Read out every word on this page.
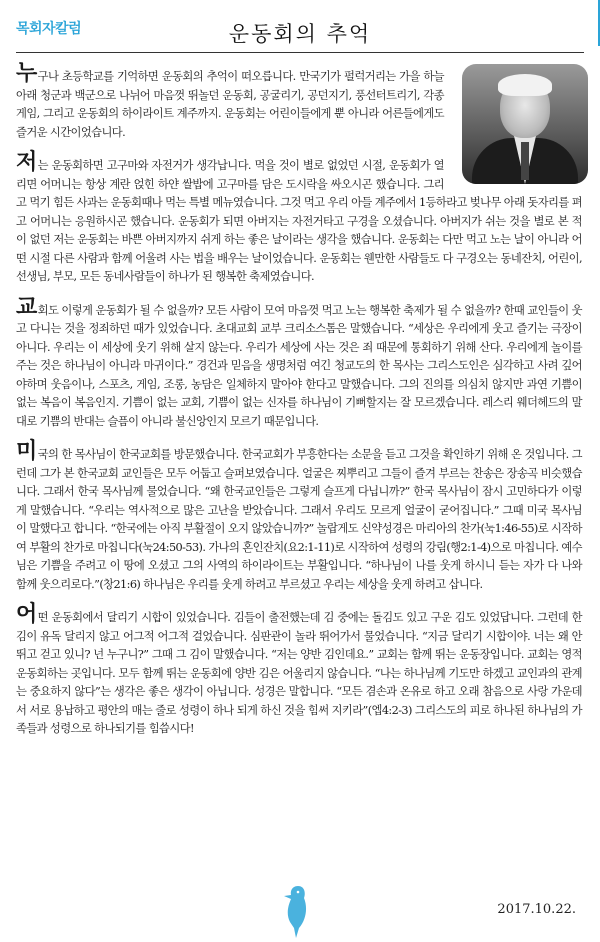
목회자칼럼	운동회의 추억

누구나 초등학교를 기억하면 운동회의 추억이 떠오릅니다. 만국기가 펄럭거리는 가을 하늘아래 청군과 백군으로 나뉘어 마음껏 뛰놀던 운동회, 공굴리기, 공던지기, 풍선터트리기, 각종 게임, 그리고 운동회의 하이라이트 계주까지. 운동회는 어린이들에게 뿐 아니라 어른들에게도 즐거운 시간이었습니다.

저는 운동회하면 고구마와 자전거가 생각납니다. 먹을 것이 별로 없었던 시절, 운동회가 열리면 어머니는 항상 계란 얹힌 하얀 쌀밥에 고구마를 담은 도시락을 싸오시곤 했습니다. 그리고 먹기 힘든 사과는 운동회때나 먹는 특별 메뉴였습니다. 그것 먹고 우리 아들 계주에서 1등하라고 벚나무 아래 돗자리를 펴고 어머니는 응원하시곤 했습니다. 운동회가 되면 아버지는 자전거타고 구경을 오셨습니다. 아버지가 쉬는 것을 별로 본 적이 없던 저는 운동회는 바쁜 아버지까지 쉬게 하는 좋은 날이라는 생각을 했습니다. 운동회는 다만 먹고 노는 날이 아니라 어떤 시절 다른 사람과 함께 어울려 사는 법을 배우는 날이었습니다. 운동회는 웬만한 사람들도 다 구경오는 동네잔치, 어린이, 선생님, 부모, 모든 동네사람들이 하나가 된 행복한 축제였습니다.

교회도 이렇게 운동회가 될 수 없을까? 모든 사람이 모여 마음껏 먹고 노는 행복한 축제가 될 수 없을까? 한때 교인들이 웃고 다니는 것을 정죄하던 때가 있었습니다. 초대교회 교부 크리소스톰은 말했습니다. “세상은 우리에게 웃고 즐기는 극장이 아니다. 우리는 이 세상에 웃기 위해 살지 않는다. 우리가 세상에 사는 것은 죄 때문에 통회하기 위해 산다. 우리에게 놀이를 주는 것은 하나님이 아니라 마귀이다.” 경건과 믿음을 생명처럼 여긴 청교도의 한 목사는 그리스도인은 심각하고 사려 깊어야하며 웃음이나, 스포츠, 게임, 조롱, 농담은 일체하지 말아야 한다고 말했습니다. 그의 진의를 의심치 않지만 과연 기쁨이 없는 복음이 복음인지. 기쁨이 없는 교회, 기쁨이 없는 신자를 하나님이 기뻐할지는 잘 모르겠습니다. 레스리 웨더헤드의 말대로 기쁨의 반대는 슬픔이 아니라 불신앙인지 모르기 때문입니다.

미국의 한 목사님이 한국교회를 방문했습니다. 한국교회가 부흥한다는 소문을 듣고 그것을 확인하기 위해 온 것입니다. 그런데 그가 본 한국교회 교인들은 모두 어둡고 슬퍼보였습니다. 얼굴은 찌뿌리고 그들이 즐겨 부르는 찬송은 장송곡 비슷했습니다. 그래서 한국 목사님께 물었습니다. “왜 한국교인들은 그렇게 슬프게 다닙니까?” 한국 목사님이 잠시 고민하다가 이렇게 말했습니다. “우리는 역사적으로 많은 고난을 받았습니다. 그래서 우리도 모르게 얼굴이 굳어집니다.” 그때 미국 목사님이 말했다고 합니다. “한국에는 아직 부활절이 오지 않았습니까?” 놀랍게도 신약성경은 마리아의 찬가(눅1:46-55)로 시작하여 부활의 찬가로 마칩니다(눅24:50-53). 가나의 혼인잔치(요2:1-11)로 시작하여 성령의 강림(행2:1-4)으로 마칩니다. 예수님은 기쁨을 주려고 이 땅에 오셨고 그의 사역의 하이라이트는 부활입니다. “하나님이 나를 웃게 하시니 듣는 자가 다 나와 함께 웃으리로다.”(창21:6) 하나님은 우리를 웃게 하려고 부르셨고 우리는 세상을 웃게 하려고 삽니다.

어떤 운동회에서 달리기 시합이 있었습니다. 김들이 출전했는데 김 중에는 돌김도 있고 구운 김도 있었답니다. 그런데 한 김이 유독 달리지 않고 어그적 어그적 걸었습니다. 심판관이 놀라 뛰어가서 물었습니다. “지금 달리기 시합이야. 너는 왜 안뛰고 걷고 있니? 넌 누구니?” 그때 그 김이 말했습니다. “저는 양반 김인데요.” 교회는 함께 뛰는 운동장입니다. 교회는 영적 운동회하는 곳입니다. 모두 함께 뛰는 운동회에 양반 김은 어울리지 않습니다. “나는 하나님께 기도만 하겠고 교인과의 관계는 중요하지 않다”는 생각은 좋은 생각이 아닙니다. 성경은 말합니다. “모든 겸손과 온유로 하고 오래 참음으로 사랑 가운데서 서로 용납하고 평안의 매는 줄로 성령이 하나 되게 하신 것을 힘써 지키라”(엡4:2-3) 그리스도의 피로 하나된 하나님의 가족들과 성령으로 하나되기를 힘씁시다!

2017.10.22.
